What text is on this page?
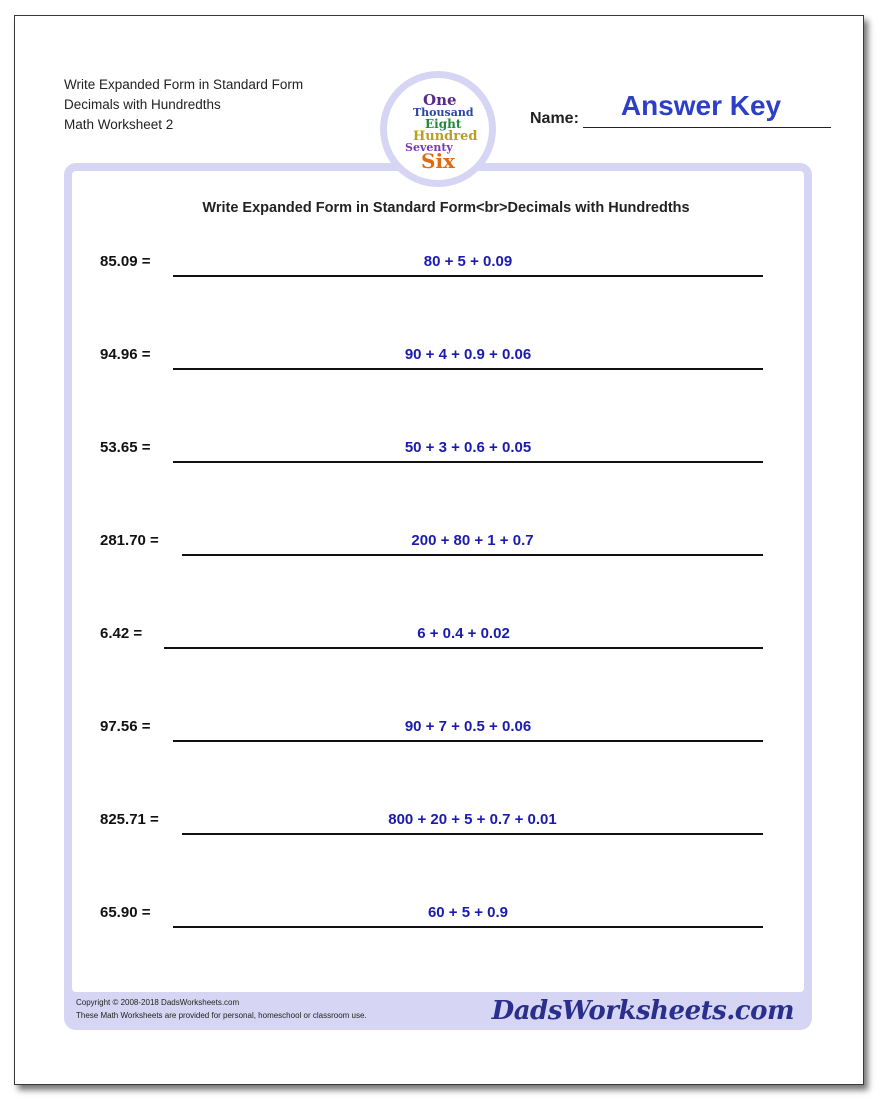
Write Expanded Form in Standard Form
Decimals with Hundredths
Math Worksheet 2	Name:	Answer Key
Write Expanded Form in Standard Form<br>Decimals with Hundredths
85.09 =	80 + 5 + 0.09
94.96 =	90 + 4 + 0.9 + 0.06
53.65 =	50 + 3 + 0.6 + 0.05
281.70 =	200 + 80 + 1 + 0.7
6.42 =	6 + 0.4 + 0.02
97.56 =	90 + 7 + 0.5 + 0.06
825.71 =	800 + 20 + 5 + 0.7 + 0.01
65.90 =	60 + 5 + 0.9
Copyright © 2008-2018 DadsWorksheets.com
These Math Worksheets are provided for personal, homeschool or classroom use.	DadsWorksheets.com
One
Thousand
Eight
Hundred
Seventy
Six
